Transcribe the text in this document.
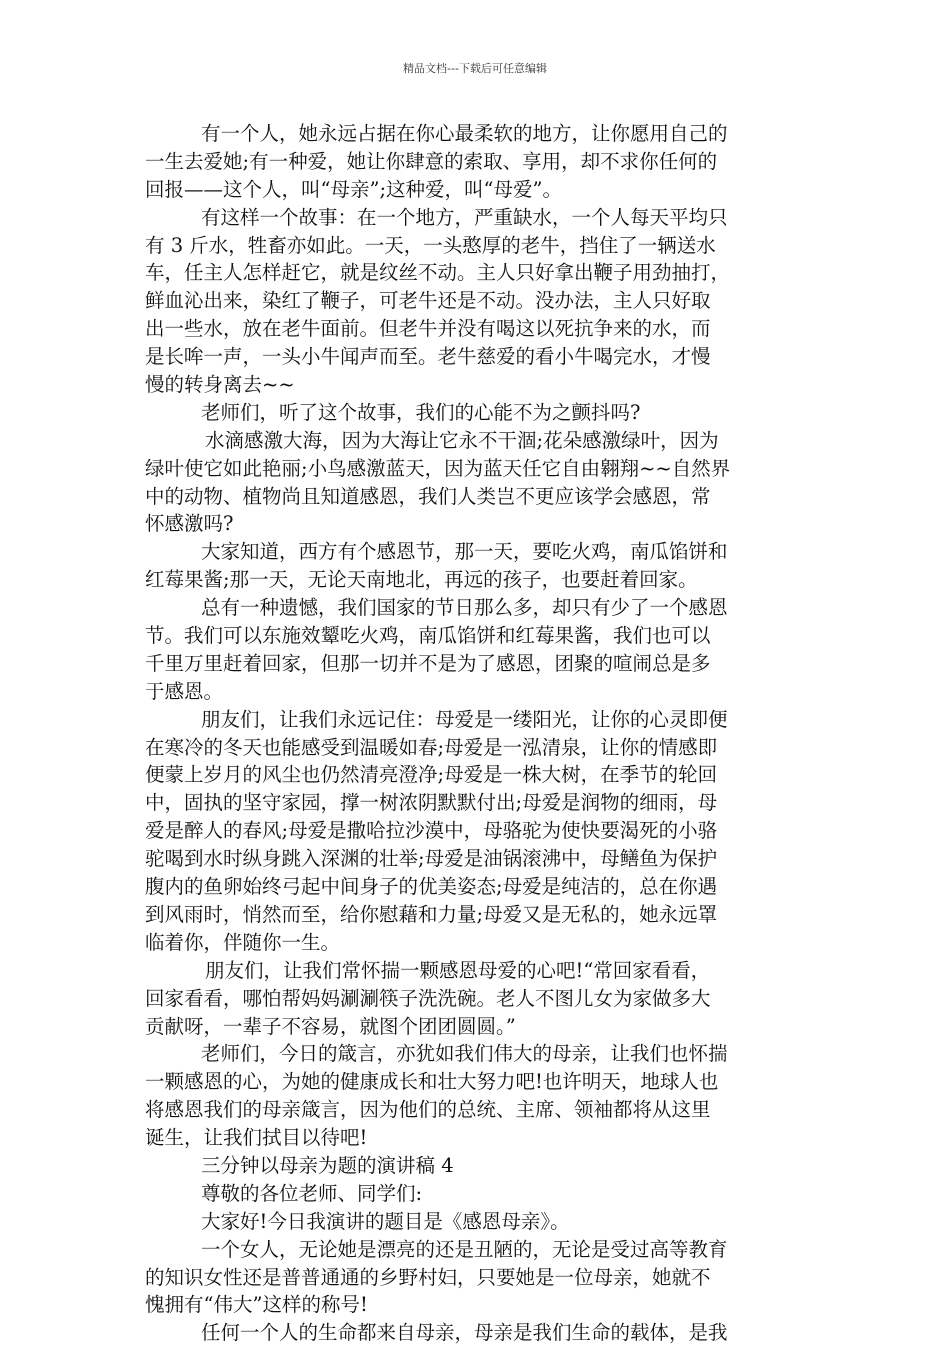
精品文档---下载后可任意编辑
有一个人，她永远占据在你心最柔软的地方，让你愿用自己的
一生去爱她;有一种爱，她让你肆意的索取、享用，却不求你任何的
回报——这个人，叫“母亲”;这种爱，叫“母爱”。
有这样一个故事：在一个地方，严重缺水，一个人每天平均只
有 3 斤水，牲畜亦如此。一天，一头憨厚的老牛，挡住了一辆送水
车，任主人怎样赶它，就是纹丝不动。主人只好拿出鞭子用劲抽打，
鲜血沁出来，染红了鞭子，可老牛还是不动。没办法，主人只好取
出一些水，放在老牛面前。但老牛并没有喝这以死抗争来的水，而
是长哞一声，一头小牛闻声而至。老牛慈爱的看小牛喝完水，才慢
慢的转身离去~~
老师们，听了这个故事，我们的心能不为之颤抖吗?
水滴感激大海，因为大海让它永不干涸;花朵感激绿叶，因为
绿叶使它如此艳丽;小鸟感激蓝天，因为蓝天任它自由翱翔~~自然界
中的动物、植物尚且知道感恩，我们人类岂不更应该学会感恩，常
怀感激吗?
大家知道，西方有个感恩节，那一天，要吃火鸡，南瓜馅饼和
红莓果酱;那一天，无论天南地北，再远的孩子，也要赶着回家。
总有一种遗憾，我们国家的节日那么多，却只有少了一个感恩
节。我们可以东施效颦吃火鸡，南瓜馅饼和红莓果酱，我们也可以
千里万里赶着回家，但那一切并不是为了感恩，团聚的喧闹总是多
于感恩。
朋友们，让我们永远记住：母爱是一缕阳光，让你的心灵即便
在寒冷的冬天也能感受到温暖如春;母爱是一泓清泉，让你的情感即
便蒙上岁月的风尘也仍然清亮澄净;母爱是一株大树，在季节的轮回
中，固执的坚守家园，撑一树浓阴默默付出;母爱是润物的细雨，母
爱是醉人的春风;母爱是撒哈拉沙漠中，母骆驼为使快要渴死的小骆
驼喝到水时纵身跳入深渊的壮举;母爱是油锅滚沸中，母鳝鱼为保护
腹内的鱼卵始终弓起中间身子的优美姿态;母爱是纯洁的，总在你遇
到风雨时，悄然而至，给你慰藉和力量;母爱又是无私的，她永远罩
临着你，伴随你一生。
朋友们，让我们常怀揣一颗感恩母爱的心吧!“常回家看看，
回家看看，哪怕帮妈妈涮涮筷子洗洗碗。老人不图儿女为家做多大
贡献呀，一辈子不容易，就图个团团圆圆。”
老师们，今日的箴言，亦犹如我们伟大的母亲，让我们也怀揣
一颗感恩的心，为她的健康成长和壮大努力吧!也许明天，地球人也
将感恩我们的母亲箴言，因为他们的总统、主席、领袖都将从这里
诞生，让我们拭目以待吧!
三分钟以母亲为题的演讲稿 4
尊敬的各位老师、同学们:
大家好!今日我演讲的题目是《感恩母亲》。
一个女人，无论她是漂亮的还是丑陋的，无论是受过高等教育
的知识女性还是普普通通的乡野村妇，只要她是一位母亲，她就不
愧拥有“伟大”这样的称号!
任何一个人的生命都来自母亲，母亲是我们生命的载体，是我
